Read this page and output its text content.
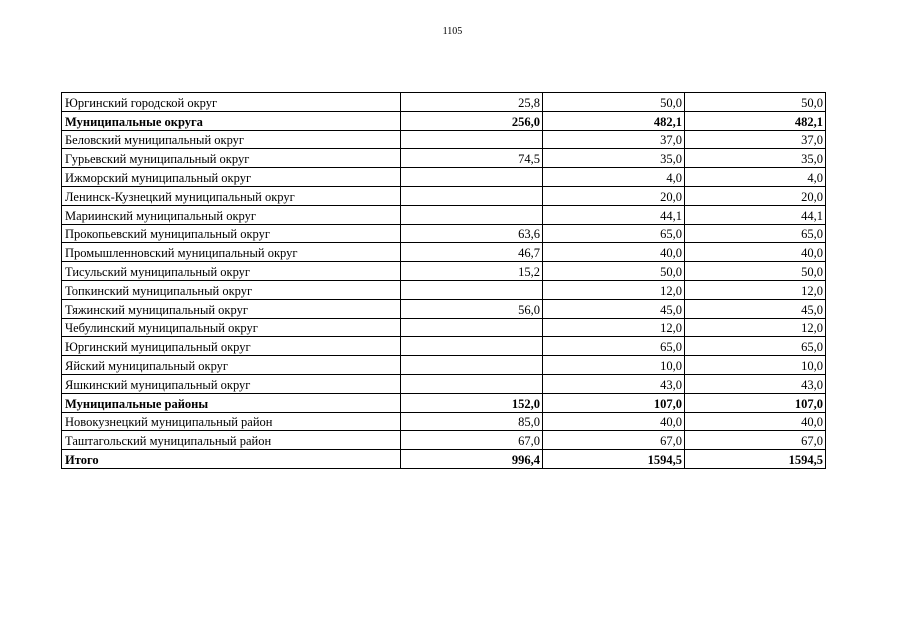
1105
Юргинский городской округ	25,8	50,0	50,0
Муниципальные округа	256,0	482,1	482,1
Беловский муниципальный округ		37,0	37,0
Гурьевский муниципальный округ	74,5	35,0	35,0
Ижморский муниципальный округ		4,0	4,0
Ленинск-Кузнецкий муниципальный округ		20,0	20,0
Мариинский муниципальный округ		44,1	44,1
Прокопьевский муниципальный округ	63,6	65,0	65,0
Промышленновский муниципальный округ	46,7	40,0	40,0
Тисульский муниципальный округ	15,2	50,0	50,0
Топкинский муниципальный округ		12,0	12,0
Тяжинский муниципальный округ	56,0	45,0	45,0
Чебулинский муниципальный округ		12,0	12,0
Юргинский муниципальный округ		65,0	65,0
Яйский муниципальный округ		10,0	10,0
Яшкинский муниципальный округ		43,0	43,0
Муниципальные районы	152,0	107,0	107,0
Новокузнецкий муниципальный район	85,0	40,0	40,0
Таштагольский муниципальный район	67,0	67,0	67,0
Итого	996,4	1594,5	1594,5
